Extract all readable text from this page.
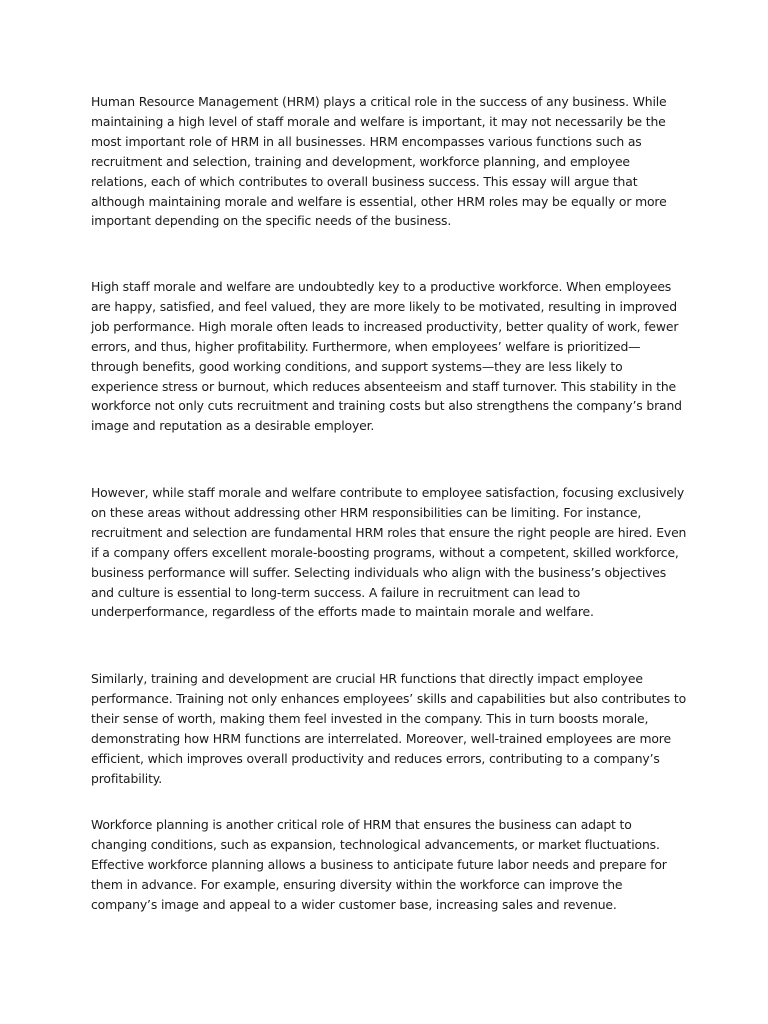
Human Resource Management (HRM) plays a critical role in the success of any business. While maintaining a high level of staff morale and welfare is important, it may not necessarily be the most important role of HRM in all businesses. HRM encompasses various functions such as recruitment and selection, training and development, workforce planning, and employee relations, each of which contributes to overall business success. This essay will argue that although maintaining morale and welfare is essential, other HRM roles may be equally or more important depending on the specific needs of the business.

High staff morale and welfare are undoubtedly key to a productive workforce. When employees are happy, satisfied, and feel valued, they are more likely to be motivated, resulting in improved job performance. High morale often leads to increased productivity, better quality of work, fewer errors, and thus, higher profitability. Furthermore, when employees’ welfare is prioritized—through benefits, good working conditions, and support systems—they are less likely to experience stress or burnout, which reduces absenteeism and staff turnover. This stability in the workforce not only cuts recruitment and training costs but also strengthens the company’s brand image and reputation as a desirable employer.

However, while staff morale and welfare contribute to employee satisfaction, focusing exclusively on these areas without addressing other HRM responsibilities can be limiting. For instance, recruitment and selection are fundamental HRM roles that ensure the right people are hired. Even if a company offers excellent morale-boosting programs, without a competent, skilled workforce, business performance will suffer. Selecting individuals who align with the business’s objectives and culture is essential to long-term success. A failure in recruitment can lead to underperformance, regardless of the efforts made to maintain morale and welfare.

Similarly, training and development are crucial HR functions that directly impact employee performance. Training not only enhances employees’ skills and capabilities but also contributes to their sense of worth, making them feel invested in the company. This in turn boosts morale, demonstrating how HRM functions are interrelated. Moreover, well-trained employees are more efficient, which improves overall productivity and reduces errors, contributing to a company’s profitability.

Workforce planning is another critical role of HRM that ensures the business can adapt to changing conditions, such as expansion, technological advancements, or market fluctuations. Effective workforce planning allows a business to anticipate future labor needs and prepare for them in advance. For example, ensuring diversity within the workforce can improve the company’s image and appeal to a wider customer base, increasing sales and revenue.
